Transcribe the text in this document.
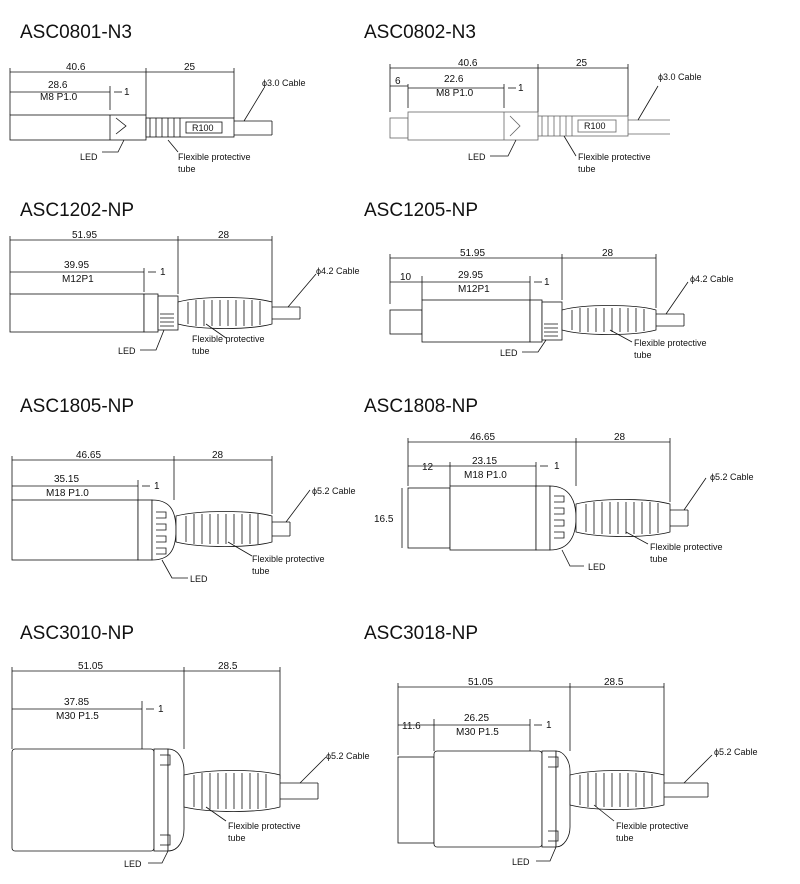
ASC0801-N3
40.6	25
28.6
M8 P1.0	1
R100
ϕ3.0 Cable
LED	Flexible protective
tube
ASC0802-N3
40.6	25
6	22.6
M8 P1.0	1
R100
ϕ3.0 Cable
LED	Flexible protective
tube
ASC1202-NP
51.95	28
39.95
M12P1
1	ϕ4.2 Cable
LED
Flexible protective
tube
ASC1205-NP
51.95	28
10	29.95
M12P1
1	ϕ4.2 Cable
LED
Flexible protective
tube
ASC1805-NP
46.65	28
35.15
M18 P1.0
1	ϕ5.2 Cable
LED
Flexible protective
tube
ASC1808-NP
46.65	28
12
23.15
M18 P1.0
1
16.5
ϕ5.2 Cable
LED
Flexible protective
tube
ASC3010-NP
51.05	28.5
37.85
M30 P1.5
1
ϕ5.2 Cable
LED
Flexible protective
tube
ASC3018-NP
51.05	28.5
11.6
26.25
M30 P1.5
1
ϕ5.2 Cable
LED
Flexible protective
tube
